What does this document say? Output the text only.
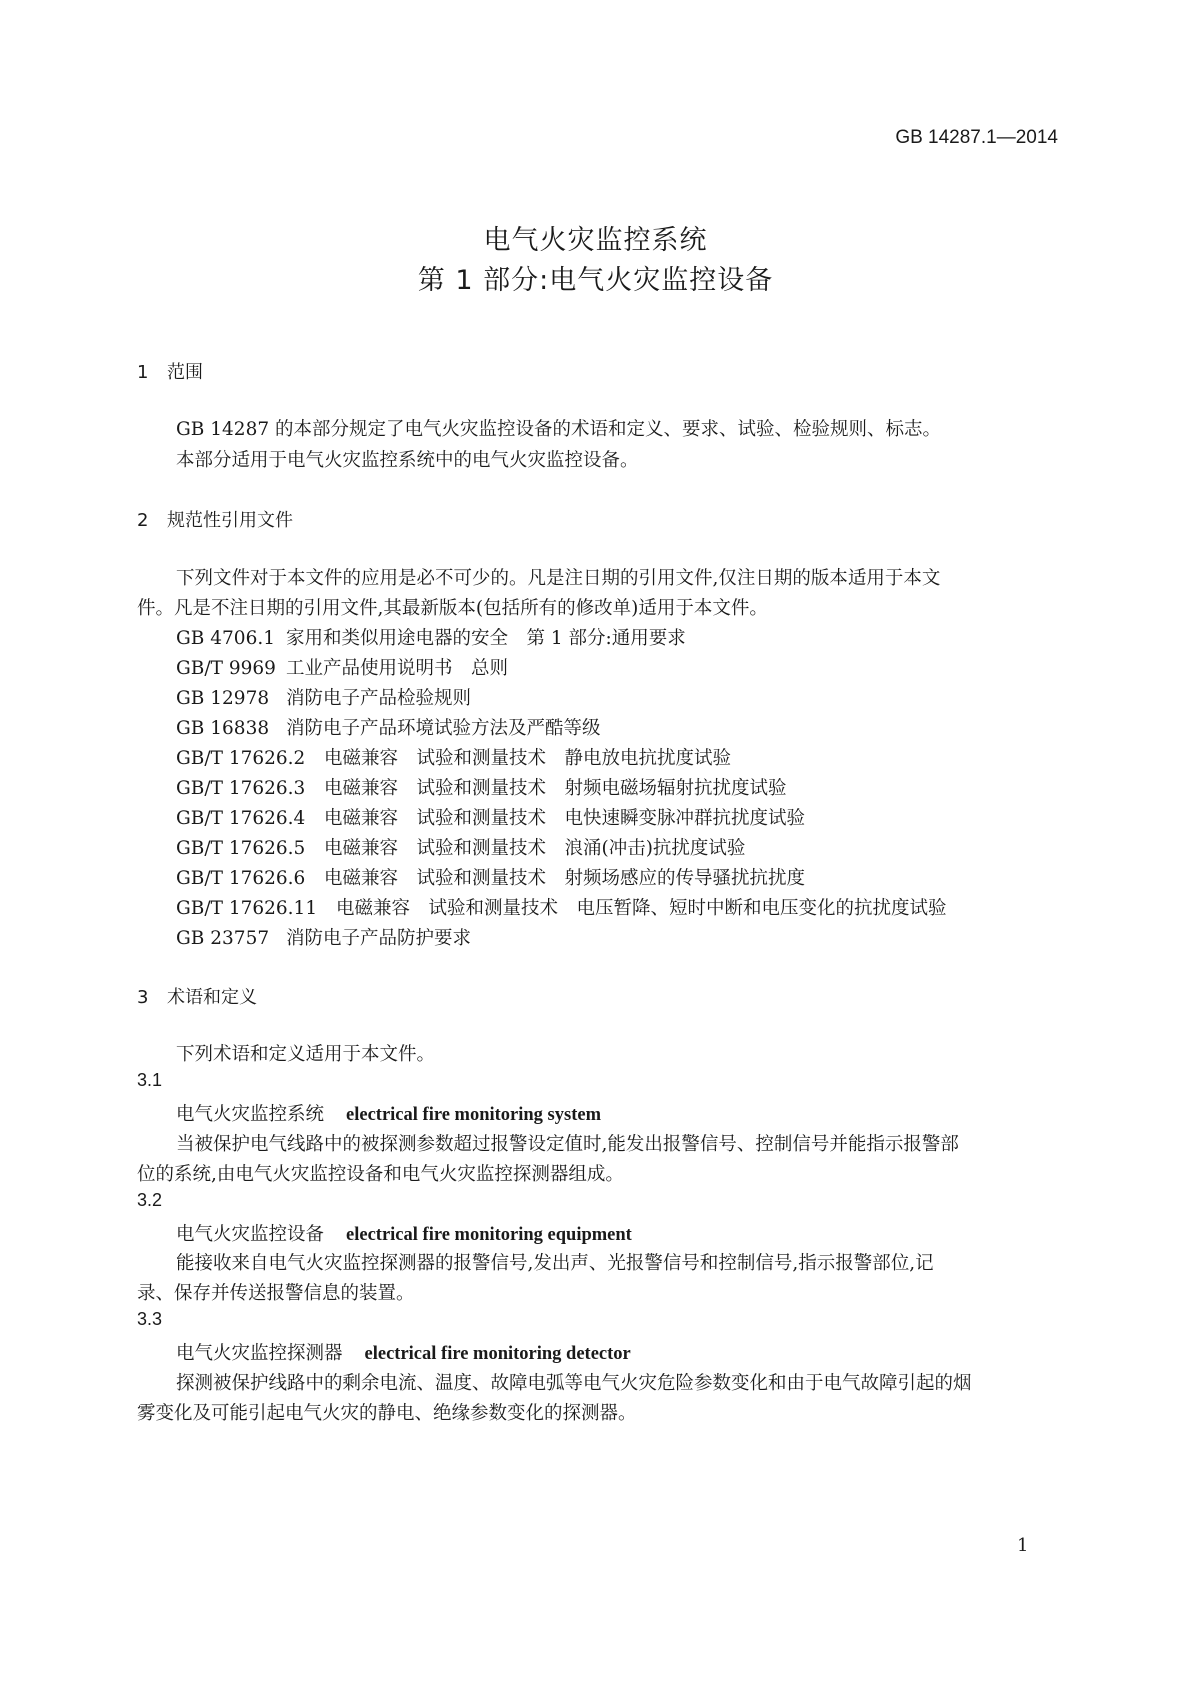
GB 14287.1—2014
电气火灾监控系统
第 1 部分:电气火灾监控设备
1 范围
GB 14287 的本部分规定了电气火灾监控设备的术语和定义、要求、试验、检验规则、标志。
本部分适用于电气火灾监控系统中的电气火灾监控设备。
2 规范性引用文件
下列文件对于本文件的应用是必不可少的。凡是注日期的引用文件,仅注日期的版本适用于本文
件。凡是不注日期的引用文件,其最新版本(包括所有的修改单)适用于本文件。
GB 4706.1 家用和类似用途电器的安全　第 1 部分:通用要求
GB/T 9969 工业产品使用说明书　总则
GB 12978 消防电子产品检验规则
GB 16838 消防电子产品环境试验方法及严酷等级
GB/T 17626.2 电磁兼容　试验和测量技术　静电放电抗扰度试验
GB/T 17626.3 电磁兼容　试验和测量技术　射频电磁场辐射抗扰度试验
GB/T 17626.4 电磁兼容　试验和测量技术　电快速瞬变脉冲群抗扰度试验
GB/T 17626.5 电磁兼容　试验和测量技术　浪涌(冲击)抗扰度试验
GB/T 17626.6 电磁兼容　试验和测量技术　射频场感应的传导骚扰抗扰度
GB/T 17626.11 电磁兼容　试验和测量技术　电压暂降、短时中断和电压变化的抗扰度试验
GB 23757 消防电子产品防护要求
3 术语和定义
下列术语和定义适用于本文件。
3.1
电气火灾监控系统 electrical fire monitoring system
当被保护电气线路中的被探测参数超过报警设定值时,能发出报警信号、控制信号并能指示报警部
位的系统,由电气火灾监控设备和电气火灾监控探测器组成。
3.2
电气火灾监控设备 electrical fire monitoring equipment
能接收来自电气火灾监控探测器的报警信号,发出声、光报警信号和控制信号,指示报警部位,记
录、保存并传送报警信息的装置。
3.3
电气火灾监控探测器 electrical fire monitoring detector
探测被保护线路中的剩余电流、温度、故障电弧等电气火灾危险参数变化和由于电气故障引起的烟
雾变化及可能引起电气火灾的静电、绝缘参数变化的探测器。
1
